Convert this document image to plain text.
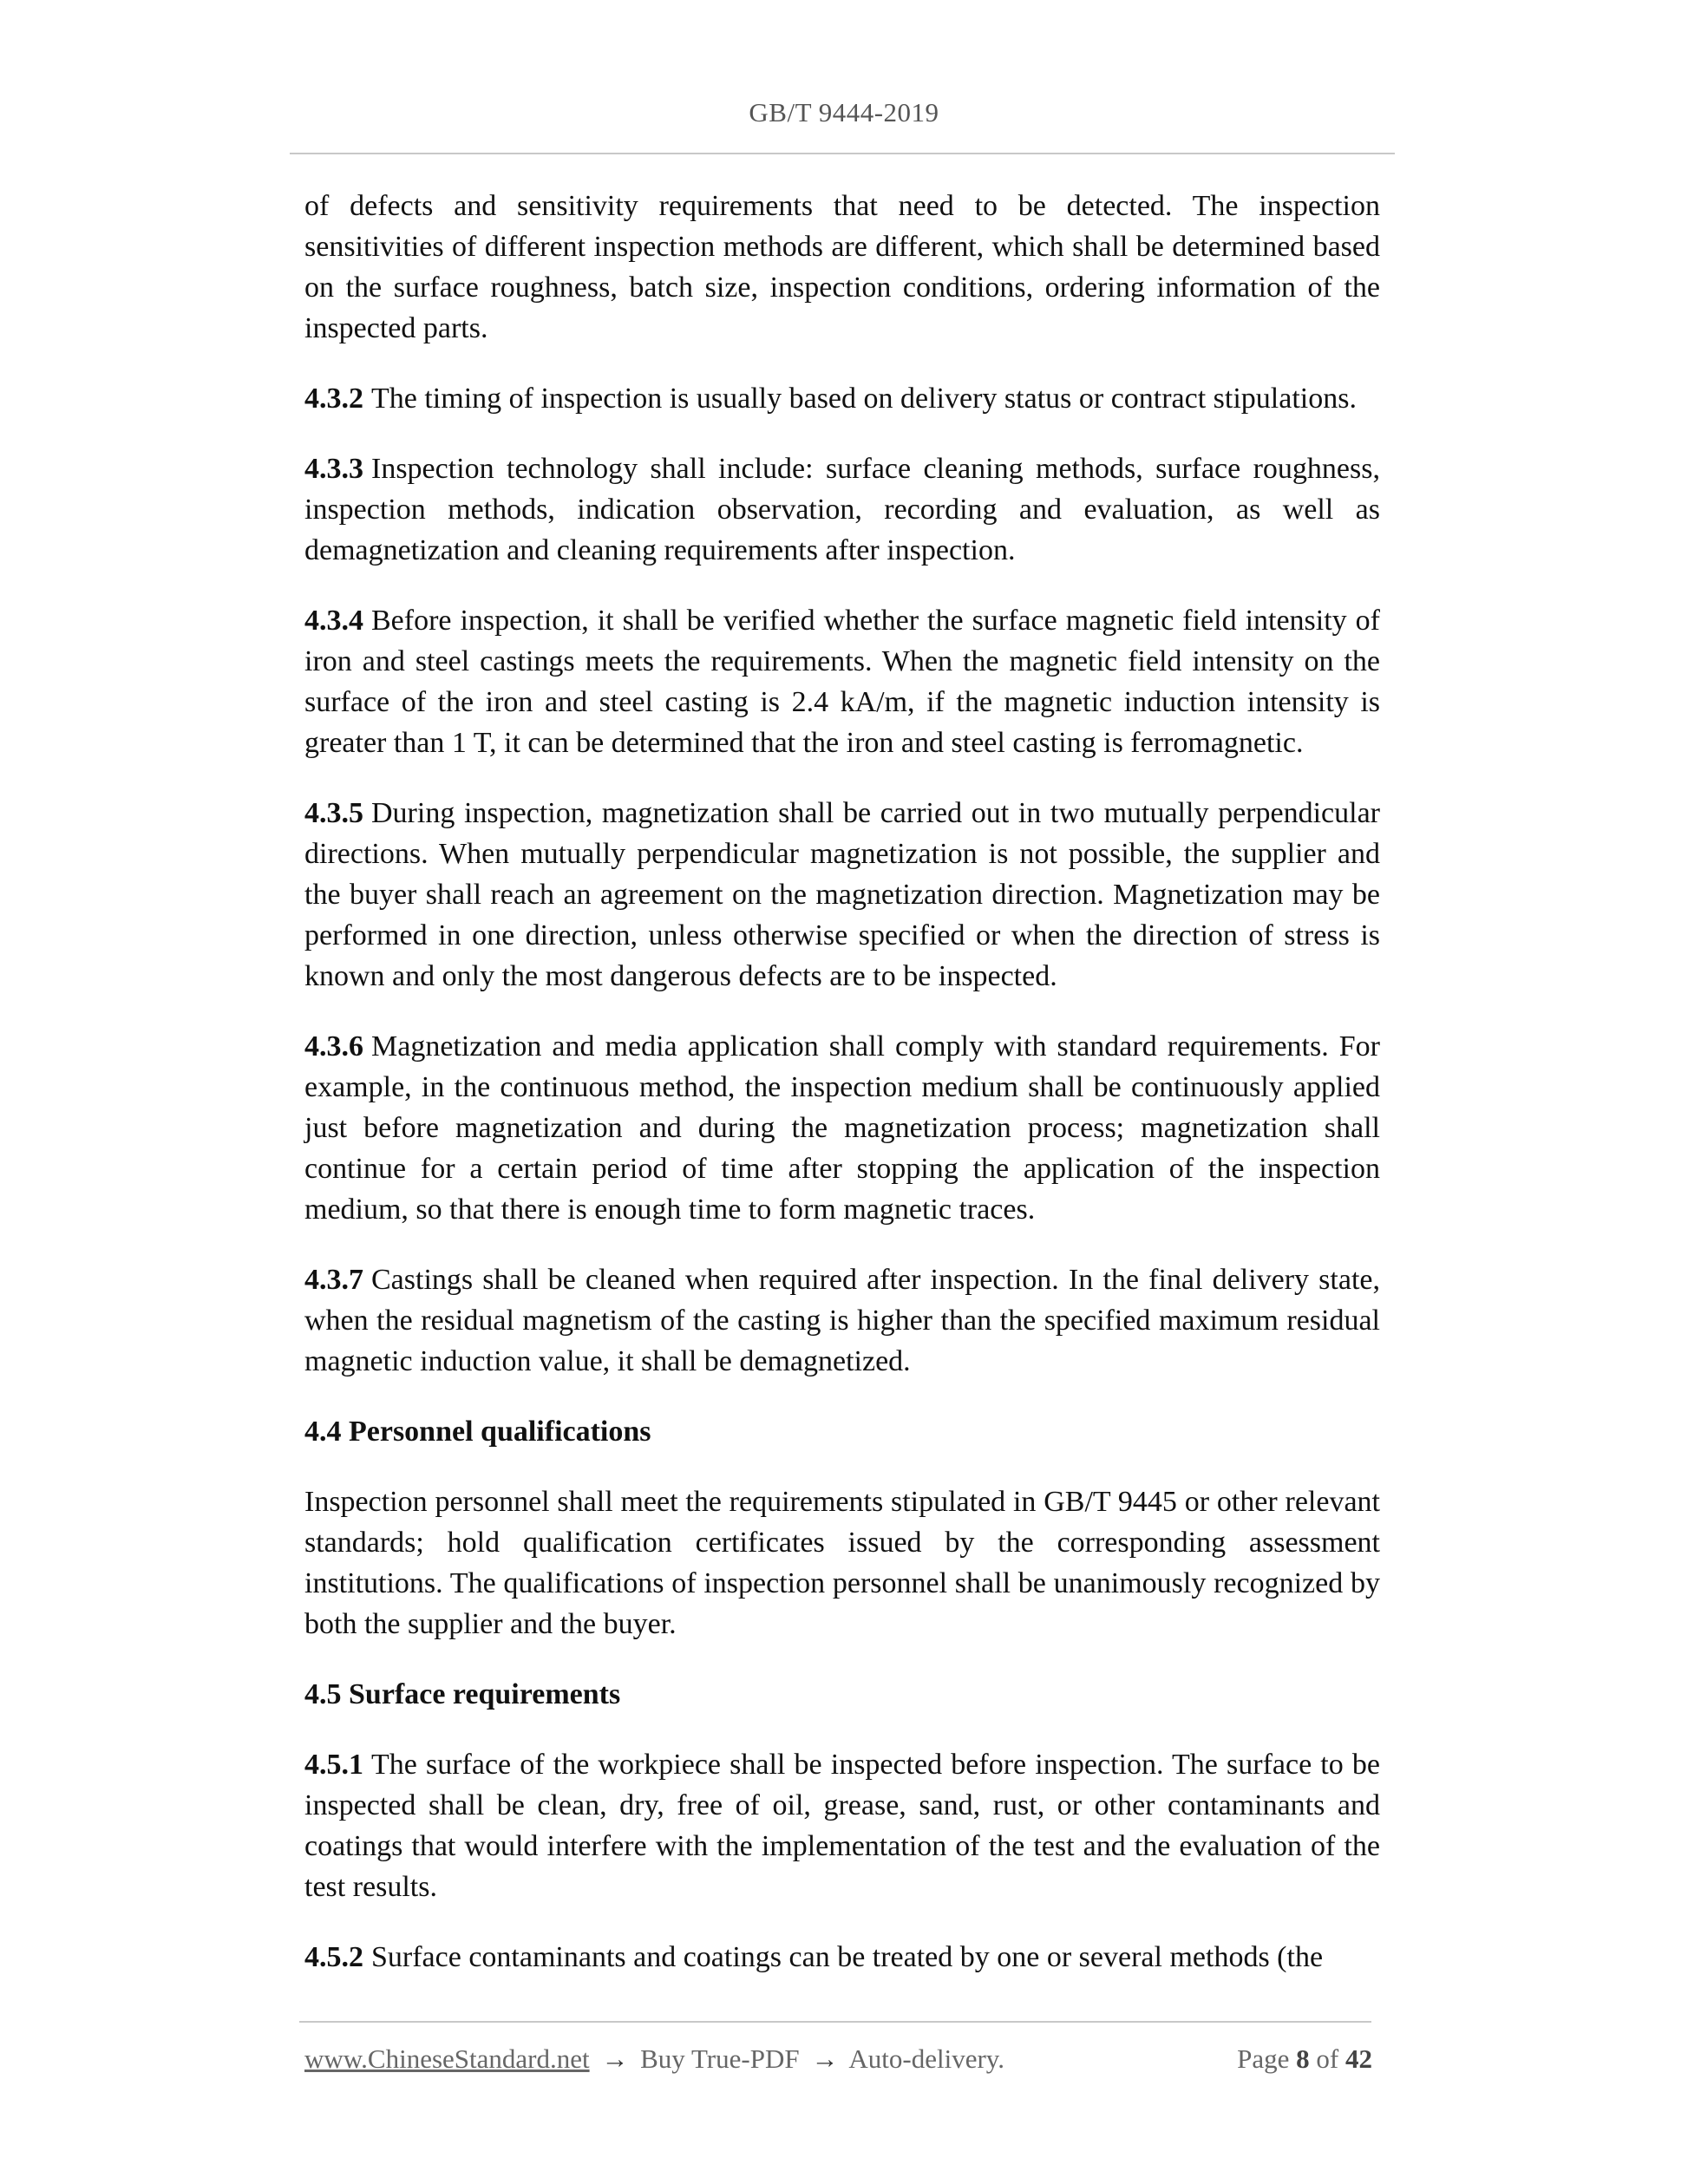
GB/T 9444-2019

of defects and sensitivity requirements that need to be detected. The inspection sensitivities of different inspection methods are different, which shall be determined based on the surface roughness, batch size, inspection conditions, ordering information of the inspected parts.

4.3.2 The timing of inspection is usually based on delivery status or contract stipulations.

4.3.3 Inspection technology shall include: surface cleaning methods, surface roughness, inspection methods, indication observation, recording and evaluation, as well as demagnetization and cleaning requirements after inspection.

4.3.4 Before inspection, it shall be verified whether the surface magnetic field intensity of iron and steel castings meets the requirements. When the magnetic field intensity on the surface of the iron and steel casting is 2.4 kA/m, if the magnetic induction intensity is greater than 1 T, it can be determined that the iron and steel casting is ferromagnetic.

4.3.5 During inspection, magnetization shall be carried out in two mutually perpendicular directions. When mutually perpendicular magnetization is not possible, the supplier and the buyer shall reach an agreement on the magnetization direction. Magnetization may be performed in one direction, unless otherwise specified or when the direction of stress is known and only the most dangerous defects are to be inspected.

4.3.6 Magnetization and media application shall comply with standard requirements. For example, in the continuous method, the inspection medium shall be continuously applied just before magnetization and during the magnetization process; magnetization shall continue for a certain period of time after stopping the application of the inspection medium, so that there is enough time to form magnetic traces.

4.3.7 Castings shall be cleaned when required after inspection. In the final delivery state, when the residual magnetism of the casting is higher than the specified maximum residual magnetic induction value, it shall be demagnetized.

4.4 Personnel qualifications

Inspection personnel shall meet the requirements stipulated in GB/T 9445 or other relevant standards; hold qualification certificates issued by the corresponding assessment institutions. The qualifications of inspection personnel shall be unanimously recognized by both the supplier and the buyer.

4.5 Surface requirements

4.5.1 The surface of the workpiece shall be inspected before inspection. The surface to be inspected shall be clean, dry, free of oil, grease, sand, rust, or other contaminants and coatings that would interfere with the implementation of the test and the evaluation of the test results.

4.5.2 Surface contaminants and coatings can be treated by one or several methods (the

www.ChineseStandard.net → Buy True-PDF → Auto-delivery.	Page 8 of 42
